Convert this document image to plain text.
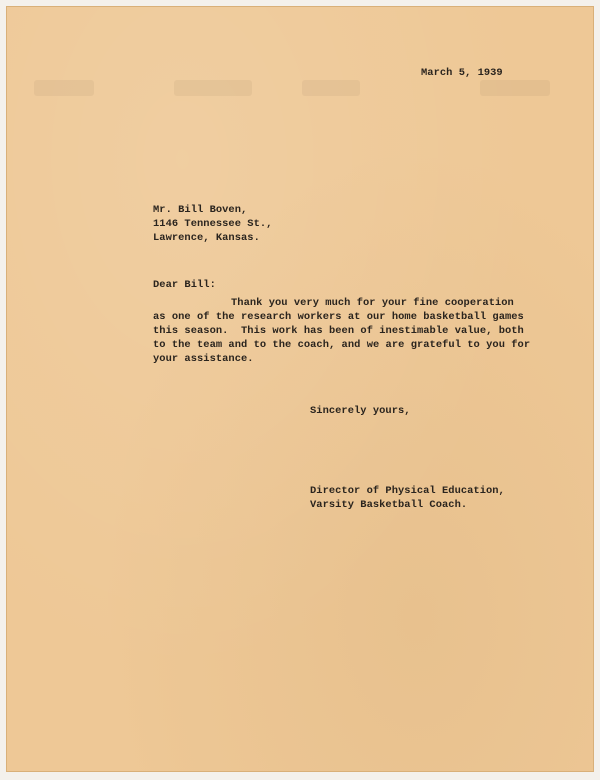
March 5, 1939
Mr. Bill Boven,
1146 Tennessee St.,
Lawrence, Kansas.
Dear Bill:
Thank you very much for your fine cooperation
as one of the research workers at our home basketball games
this season.  This work has been of inestimable value, both
to the team and to the coach, and we are grateful to you for
your assistance.
Sincerely yours,
Director of Physical Education,
Varsity Basketball Coach.
